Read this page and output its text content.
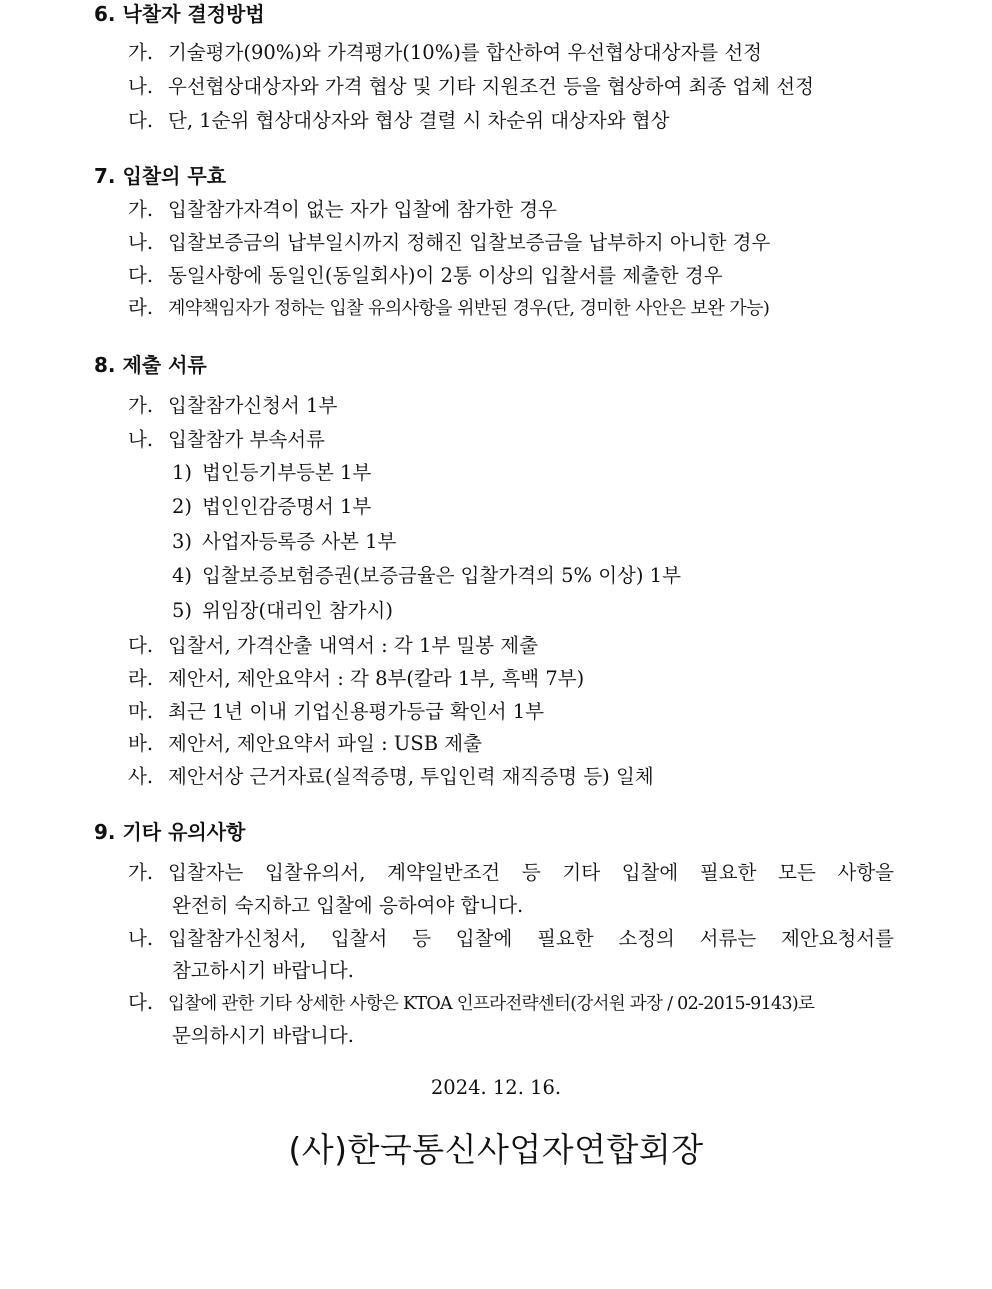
6. 낙찰자 결정방법
가. 기술평가(90%)와 가격평가(10%)를 합산하여 우선협상대상자를 선정
나. 우선협상대상자와 가격 협상 및 기타 지원조건 등을 협상하여 최종 업체 선정
다. 단, 1순위 협상대상자와 협상 결렬 시 차순위 대상자와 협상
7. 입찰의 무효
가. 입찰참가자격이 없는 자가 입찰에 참가한 경우
나. 입찰보증금의 납부일시까지 정해진 입찰보증금을 납부하지 아니한 경우
다. 동일사항에 동일인(동일회사)이 2통 이상의 입찰서를 제출한 경우
라. 계약책임자가 정하는 입찰 유의사항을 위반된 경우(단, 경미한 사안은 보완 가능)
8. 제출 서류
가. 입찰참가신청서 1부
나. 입찰참가 부속서류
1) 법인등기부등본 1부
2) 법인인감증명서 1부
3) 사업자등록증 사본 1부
4) 입찰보증보험증권(보증금율은 입찰가격의 5% 이상) 1부
5) 위임장(대리인 참가시)
다. 입찰서, 가격산출 내역서 : 각 1부 밀봉 제출
라. 제안서, 제안요약서 : 각 8부(칼라 1부, 흑백 7부)
마. 최근 1년 이내 기업신용평가등급 확인서 1부
바. 제안서, 제안요약서 파일 : USB 제출
사. 제안서상 근거자료(실적증명, 투입인력 재직증명 등) 일체
9. 기타 유의사항
가. 입찰자는 입찰유의서, 계약일반조건 등 기타 입찰에 필요한 모든 사항을
완전히 숙지하고 입찰에 응하여야 합니다.
나. 입찰참가신청서, 입찰서 등 입찰에 필요한 소정의 서류는 제안요청서를
참고하시기 바랍니다.
다. 입찰에 관한 기타 상세한 사항은 KTOA 인프라전략센터(강서원 과장 / 02-2015-9143)로
문의하시기 바랍니다.
2024. 12. 16.
(사)한국통신사업자연합회장
